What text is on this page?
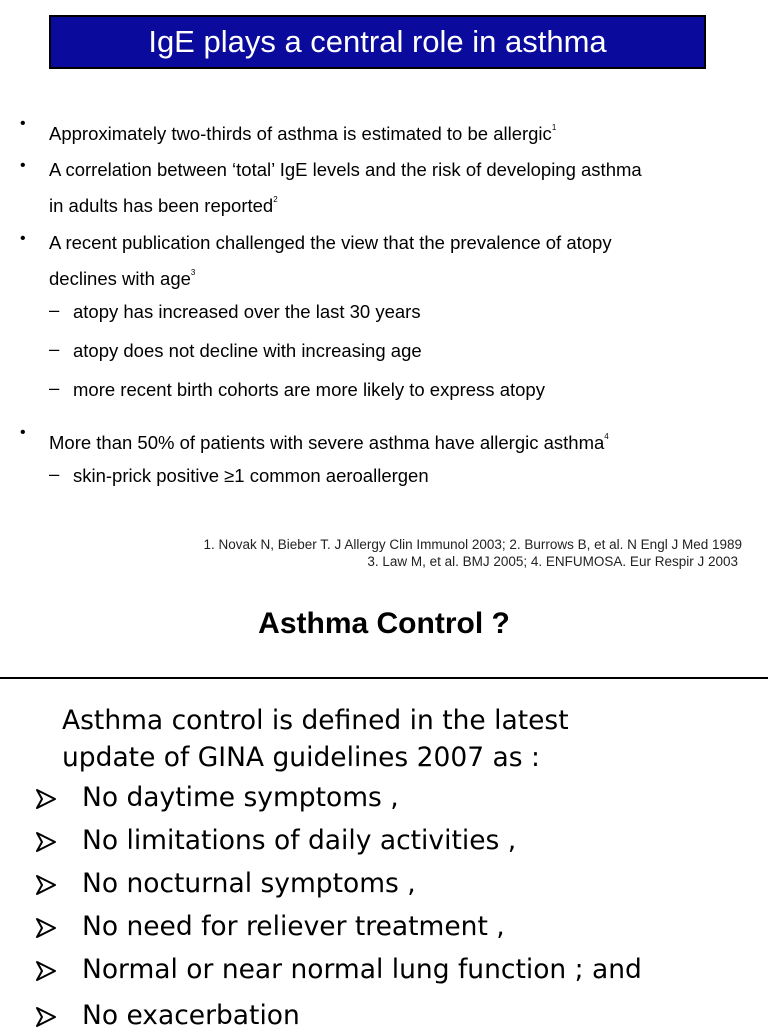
IgE plays a central role in asthma
• Approximately two-thirds of asthma is estimated to be allergic$^1$
• A correlation between ‘total’ IgE levels and the risk of developing asthma
in adults has been reported$^2$
• A recent publication challenged the view that the prevalence of atopy
declines with age$^3$
– atopy has increased over the last 30 years
– atopy does not decline with increasing age
– more recent birth cohorts are more likely to express atopy
• More than 50% of patients with severe asthma have allergic asthma$^4$
– skin-prick positive ≥1 common aeroallergen
1. Novak N, Bieber T. J Allergy Clin Immunol 2003; 2. Burrows B, et al. N Engl J Med 1989
3. Law M, et al. BMJ 2005; 4. ENFUMOSA. Eur Respir J 2003
Asthma Control ?
Asthma control is defined in the latest
update of GINA guidelines 2007 as :
No daytime symptoms ,
No limitations of daily activities ,
No nocturnal symptoms ,
No need for reliever treatment ,
Normal or near normal lung function ; and
No exacerbation
